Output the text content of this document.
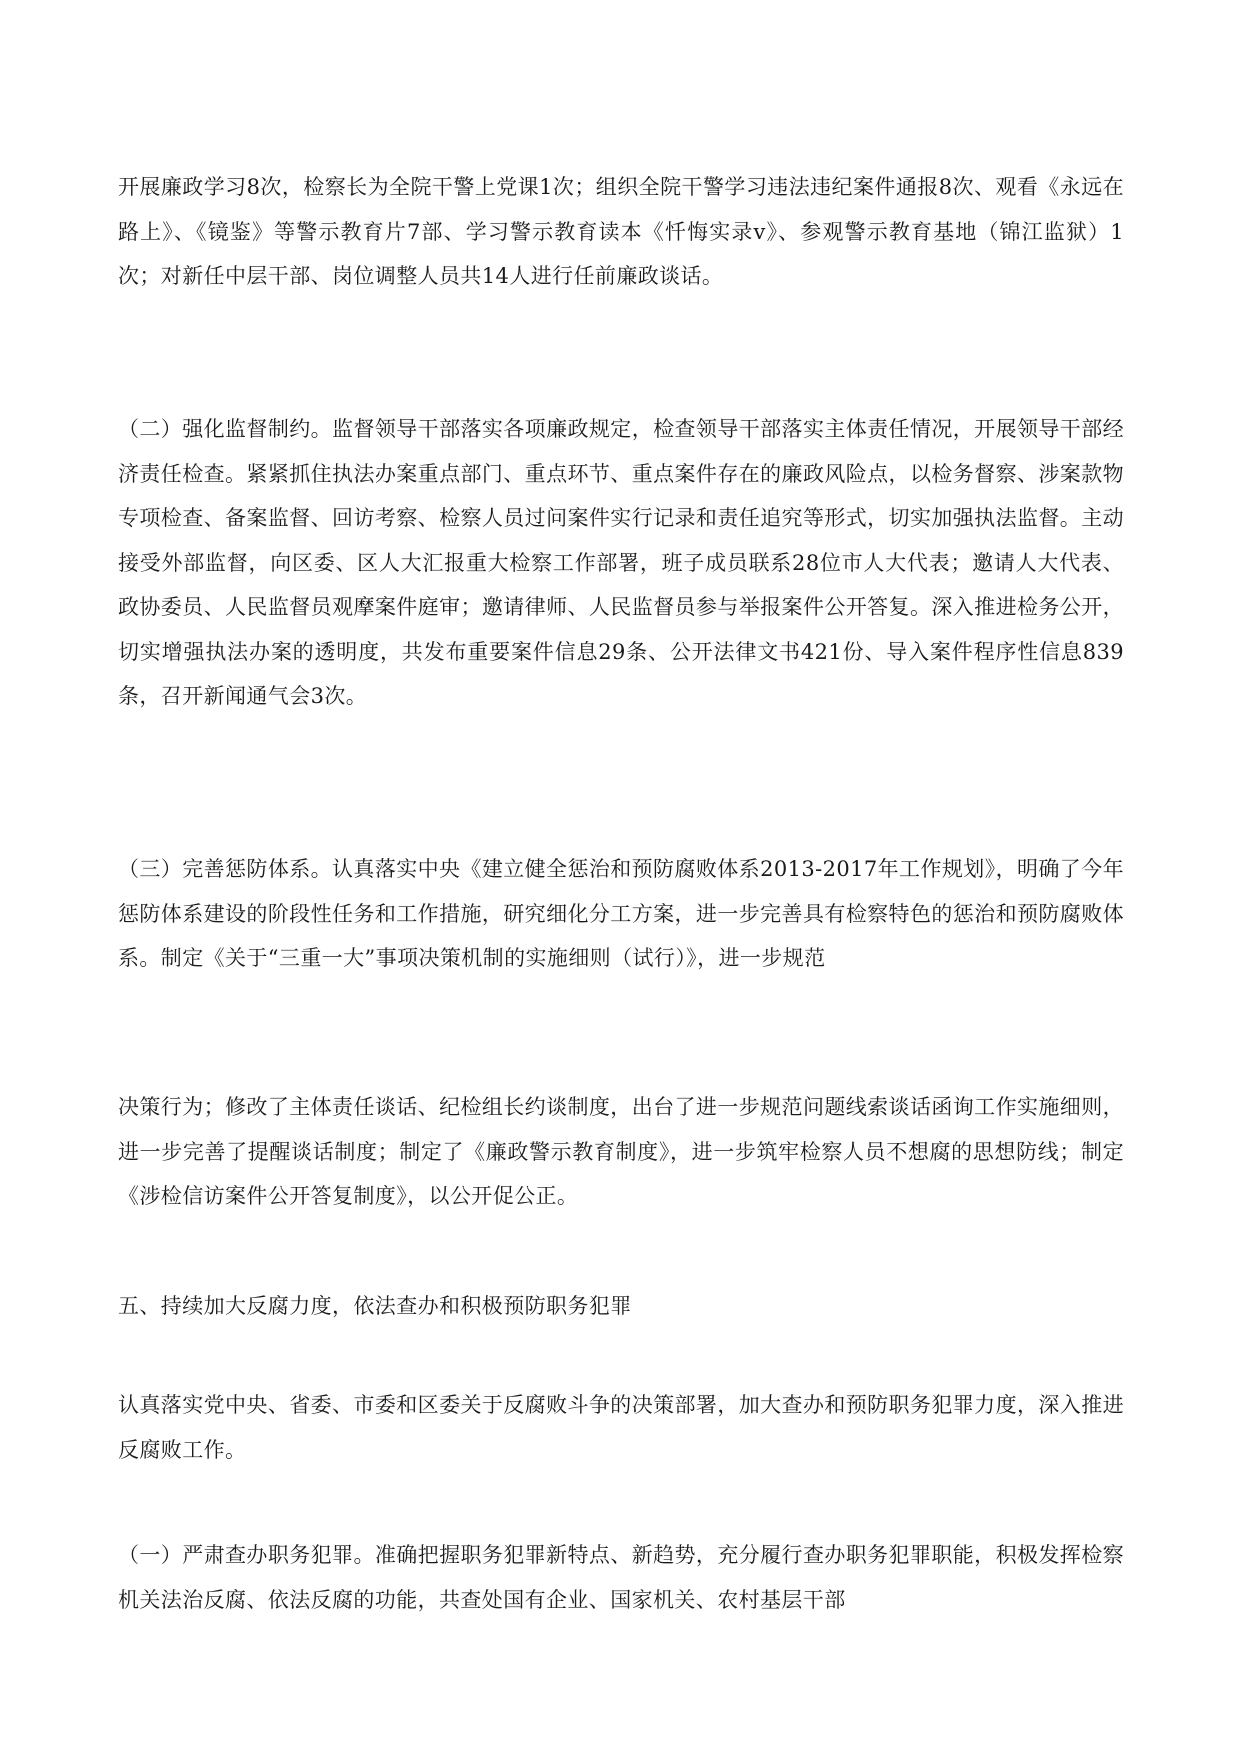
开展廉政学习8次，检察长为全院干警上党课1次；组织全院干警学习违法违纪案件通报8次、观看《永远在路上》、《镜鉴》等警示教育片7部、学习警示教育读本《忏悔实录v》、参观警示教育基地（锦江监狱）1次；对新任中层干部、岗位调整人员共14人进行任前廉政谈话。

（二）强化监督制约。监督领导干部落实各项廉政规定，检查领导干部落实主体责任情况，开展领导干部经济责任检查。紧紧抓住执法办案重点部门、重点环节、重点案件存在的廉政风险点，以检务督察、涉案款物专项检查、备案监督、回访考察、检察人员过问案件实行记录和责任追究等形式，切实加强执法监督。主动接受外部监督，向区委、区人大汇报重大检察工作部署，班子成员联系28位市人大代表；邀请人大代表、政协委员、人民监督员观摩案件庭审；邀请律师、人民监督员参与举报案件公开答复。深入推进检务公开，切实增强执法办案的透明度，共发布重要案件信息29条、公开法律文书421份、导入案件程序性信息839条，召开新闻通气会3次。

（三）完善惩防体系。认真落实中央《建立健全惩治和预防腐败体系2013-2017年工作规划》，明确了今年惩防体系建设的阶段性任务和工作措施，研究细化分工方案，进一步完善具有检察特色的惩治和预防腐败体系。制定《关于“三重一大”事项决策机制的实施细则（试行）》，进一步规范

决策行为；修改了主体责任谈话、纪检组长约谈制度，出台了进一步规范问题线索谈话函询工作实施细则，进一步完善了提醒谈话制度；制定了《廉政警示教育制度》，进一步筑牢检察人员不想腐的思想防线；制定《涉检信访案件公开答复制度》，以公开促公正。

五、持续加大反腐力度，依法查办和积极预防职务犯罪

认真落实党中央、省委、市委和区委关于反腐败斗争的决策部署，加大查办和预防职务犯罪力度，深入推进反腐败工作。

（一）严肃查办职务犯罪。准确把握职务犯罪新特点、新趋势，充分履行查办职务犯罪职能，积极发挥检察机关法治反腐、依法反腐的功能，共查处国有企业、国家机关、农村基层干部
